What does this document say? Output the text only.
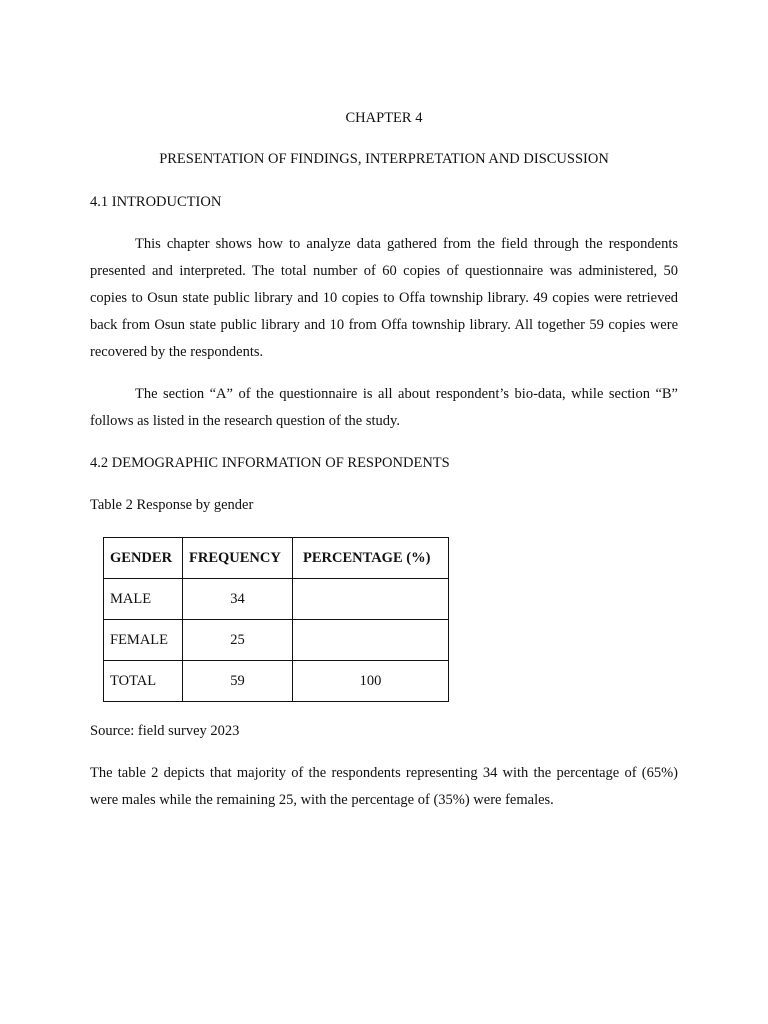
CHAPTER 4
PRESENTATION OF FINDINGS, INTERPRETATION AND DISCUSSION
4.1 INTRODUCTION

This chapter shows how to analyze data gathered from the field through the respondents presented and interpreted. The total number of 60 copies of questionnaire was administered, 50 copies to Osun state public library and 10 copies to Offa township library. 49 copies were retrieved back from Osun state public library and 10 from Offa township library. All together 59 copies were recovered by the respondents.

The section “A” of the questionnaire is all about respondent’s bio-data, while section “B” follows as listed in the research question of the study.

4.2 DEMOGRAPHIC INFORMATION OF RESPONDENTS
Table 2 Response by gender
GENDER	FREQUENCY	PERCENTAGE (%)
MALE	34	
FEMALE	25	
TOTAL	59	100
Source: field survey 2023

The table 2 depicts that majority of the respondents representing 34 with the percentage of (65%) were males while the remaining 25, with the percentage of (35%) were females.
